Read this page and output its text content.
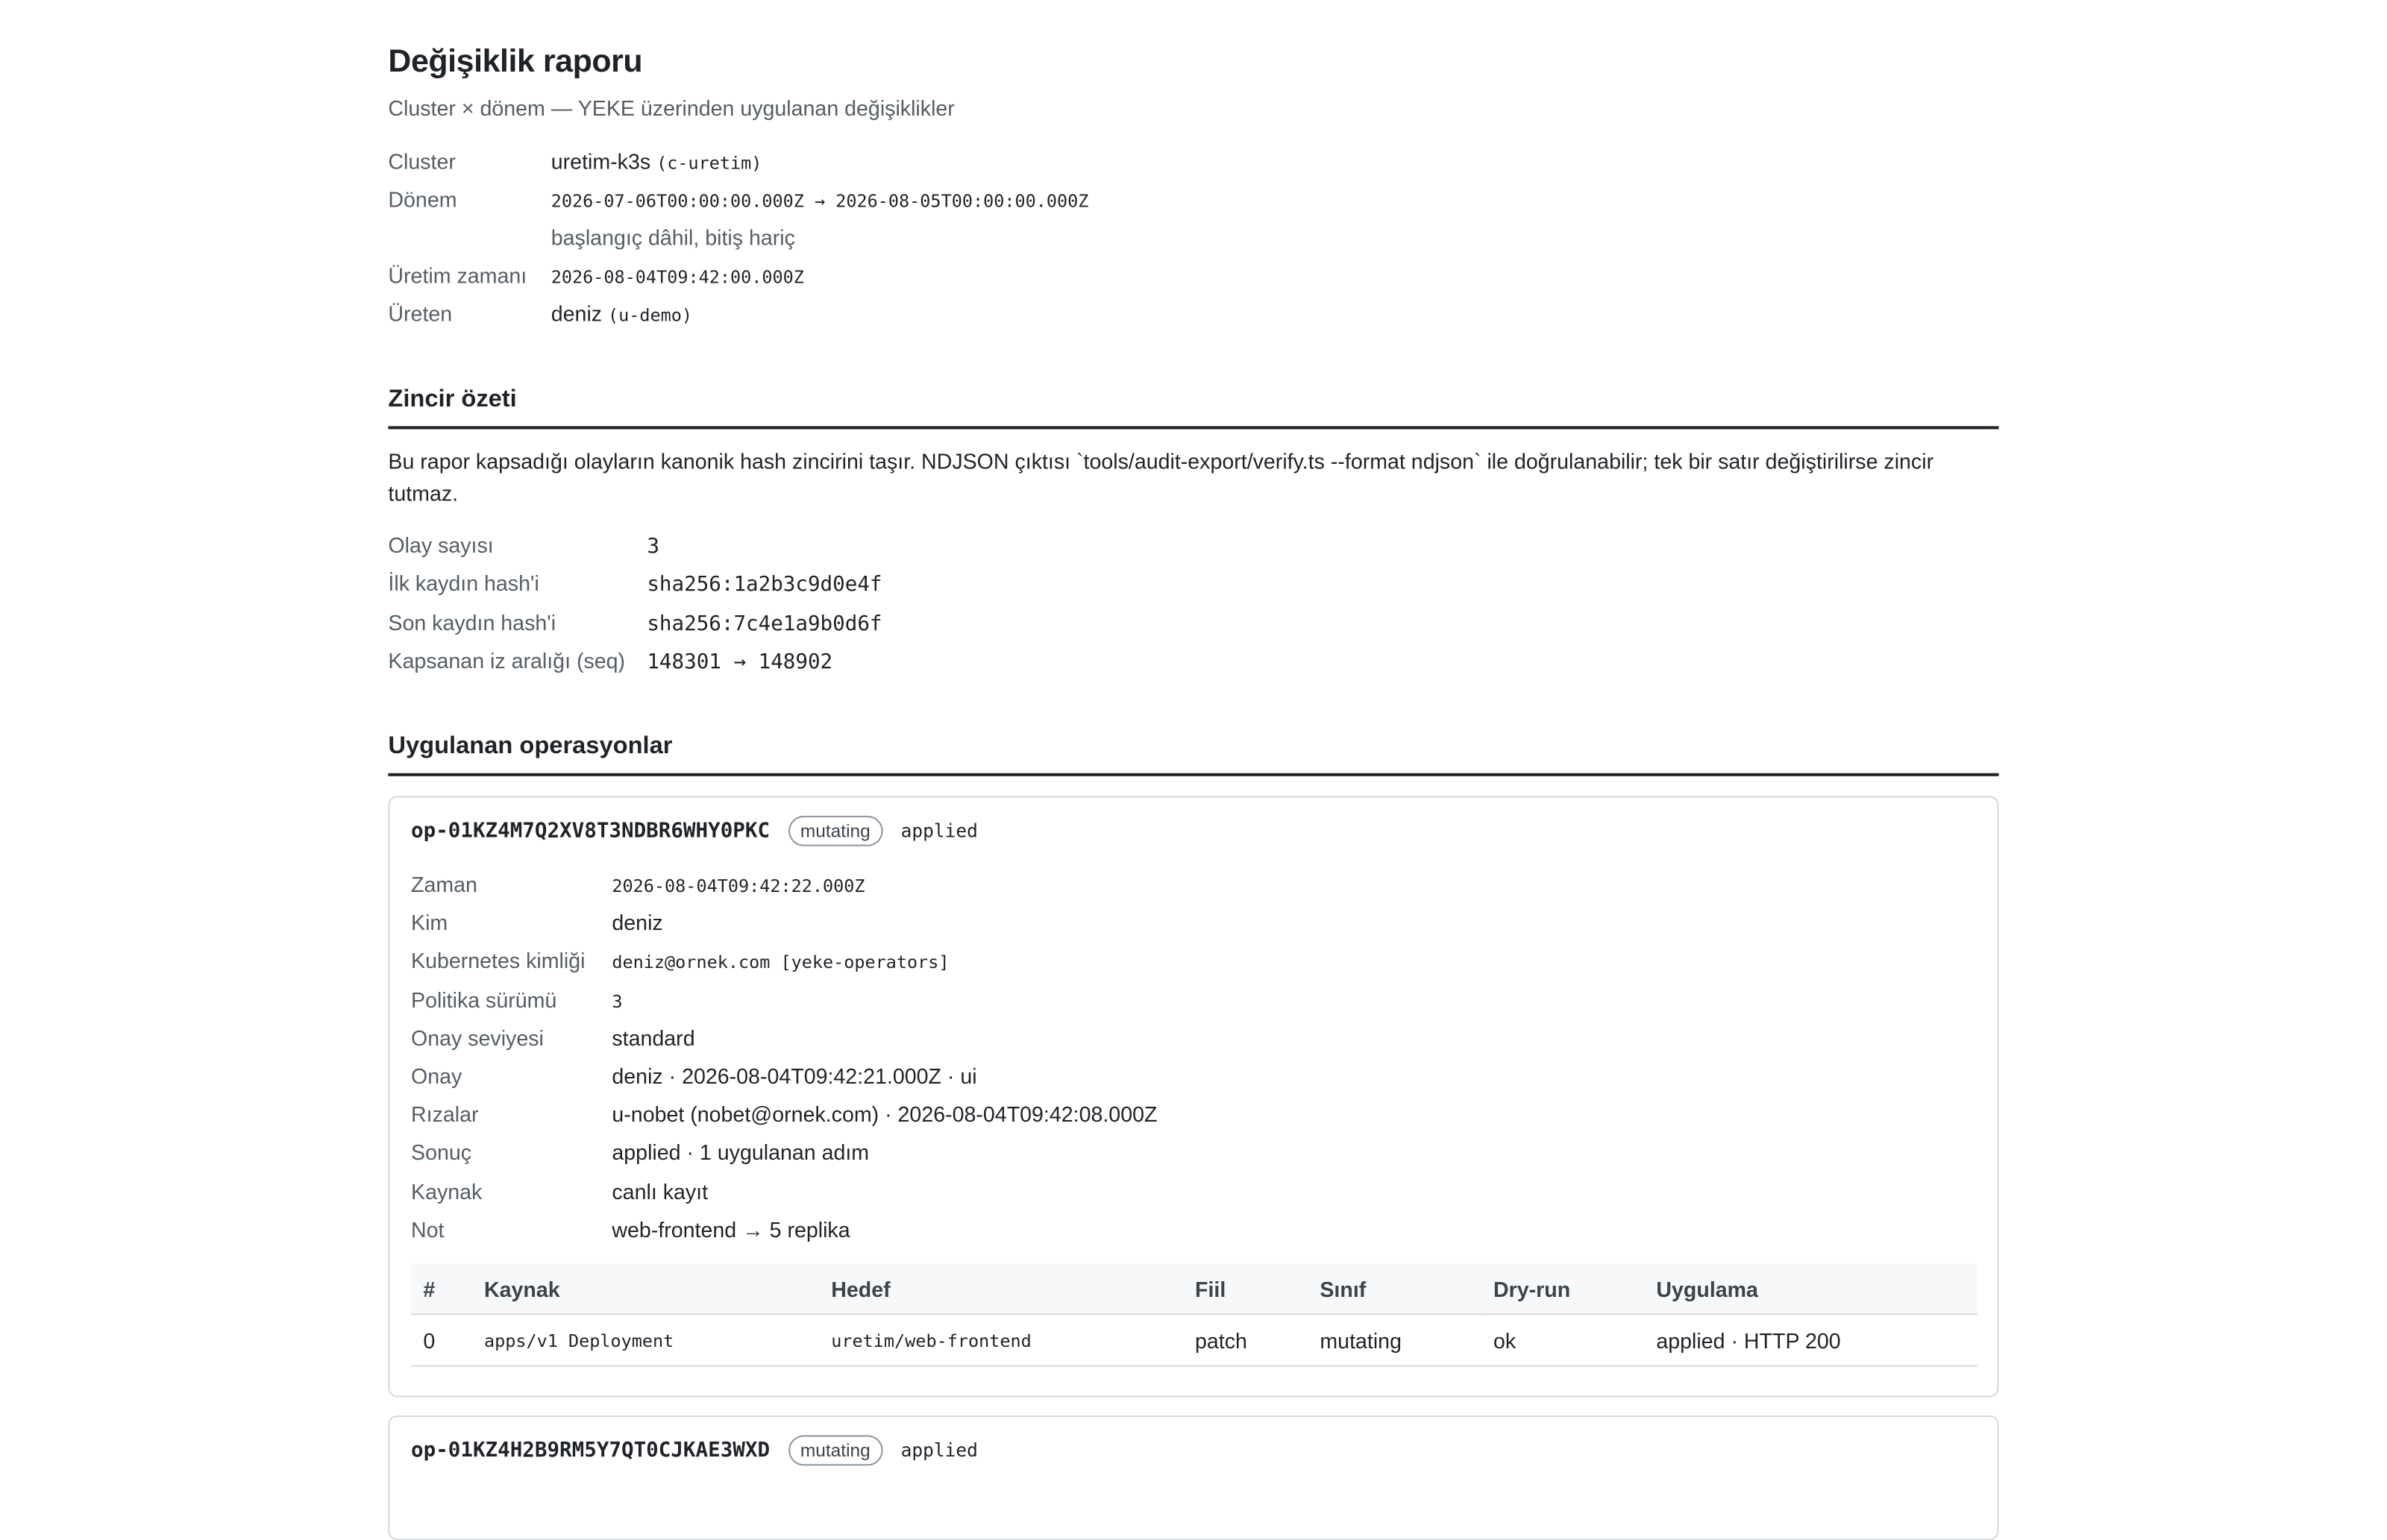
Değişiklik raporu
Cluster × dönem — YEKE üzerinden uygulanan değişiklikler
Cluster	uretim-k3s (c-uretim)
Dönem	2026-07-06T00:00:00.000Z → 2026-08-05T00:00:00.000Z
başlangıç dâhil, bitiş hariç
Üretim zamanı	2026-08-04T09:42:00.000Z
Üreten	deniz (u-demo)
Zincir özeti
Bu rapor kapsadığı olayların kanonik hash zincirini taşır. NDJSON çıktısı `tools/audit-export/verify.ts --format ndjson` ile doğrulanabilir; tek bir satır değiştirilirse zincir tutmaz.
Olay sayısı	3
İlk kaydın hash'i	sha256:1a2b3c9d0e4f
Son kaydın hash'i	sha256:7c4e1a9b0d6f
Kapsanan iz aralığı (seq)	148301 → 148902
Uygulanan operasyonlar
op-01KZ4M7Q2XV8T3NDBR6WHY0PKC	mutating	applied
Zaman	2026-08-04T09:42:22.000Z
Kim	deniz
Kubernetes kimliği	deniz@ornek.com [yeke-operators]
Politika sürümü	3
Onay seviyesi	standard
Onay	deniz · 2026-08-04T09:42:21.000Z · ui
Rızalar	u-nobet (nobet@ornek.com) · 2026-08-04T09:42:08.000Z
Sonuç	applied · 1 uygulanan adım
Kaynak	canlı kayıt
Not	web-frontend → 5 replika
#	Kaynak	Hedef	Fiil	Sınıf	Dry-run	Uygulama
0	apps/v1 Deployment	uretim/web-frontend	patch	mutating	ok	applied · HTTP 200
op-01KZ4H2B9RM5Y7QT0CJKAE3WXD	mutating	applied
